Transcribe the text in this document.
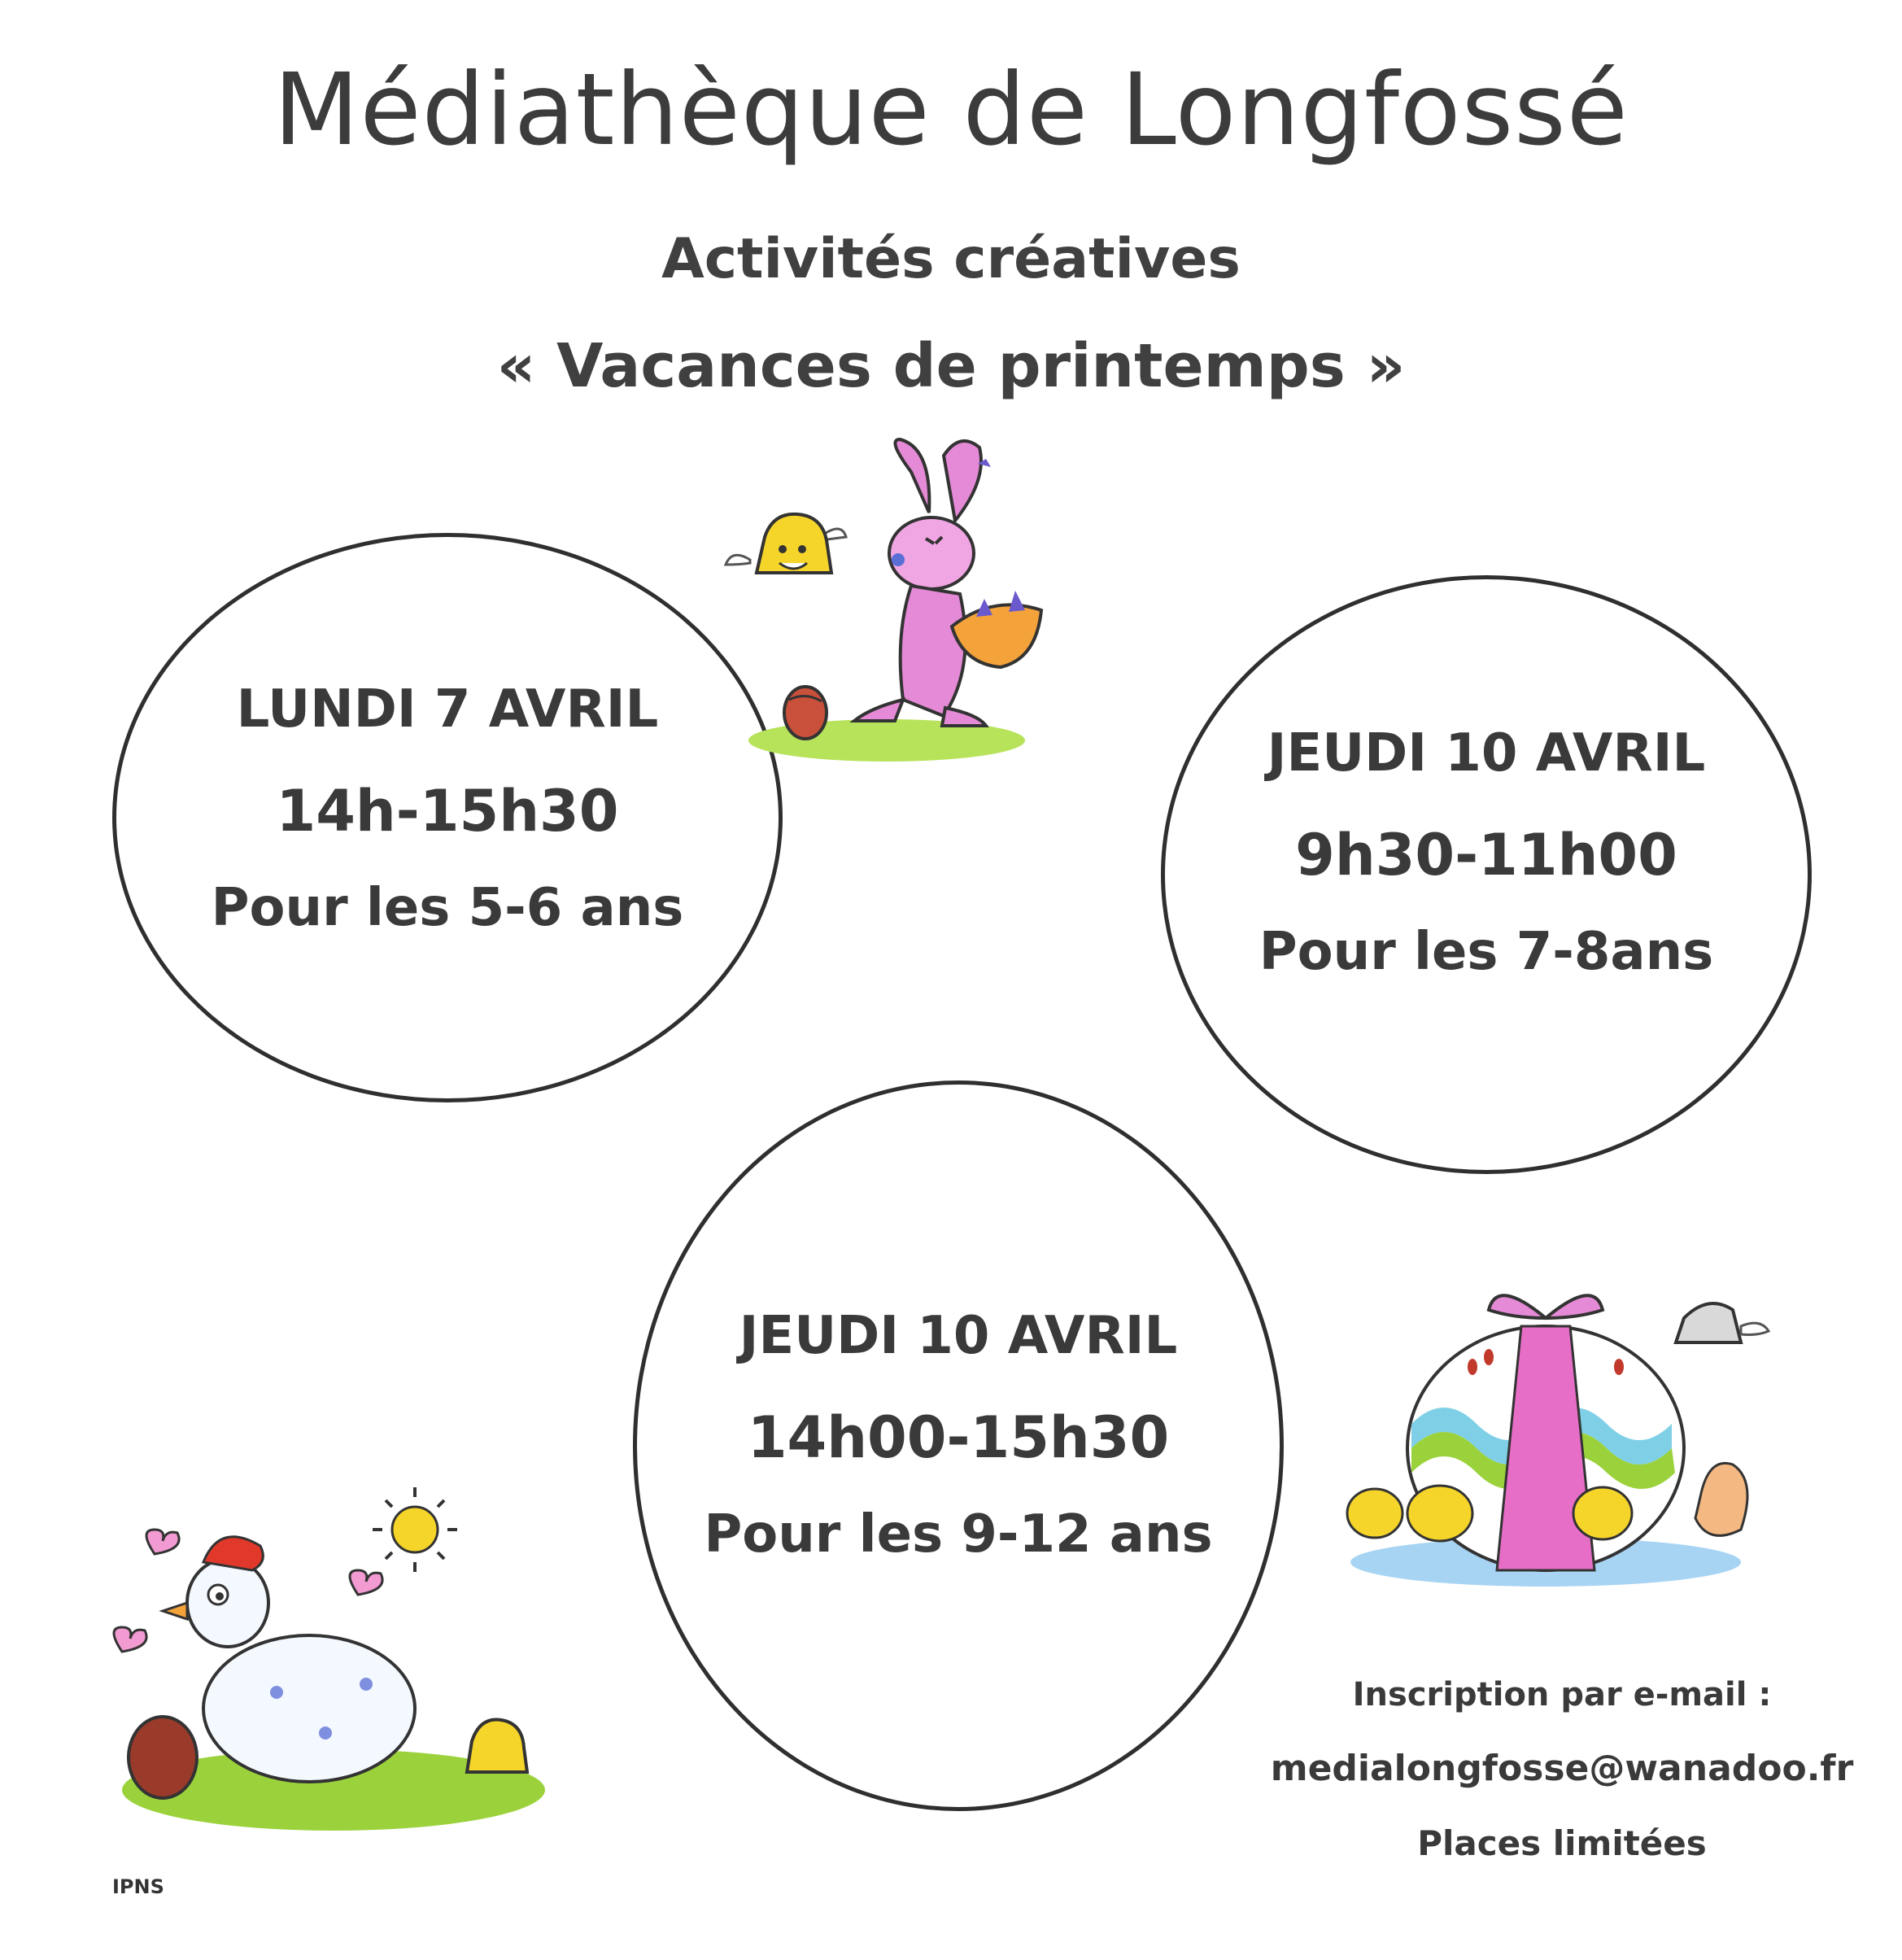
Médiathèque de Longfossé
Activités créatives
« Vacances de printemps »
LUNDI 7 AVRIL
14h-15h30
Pour les 5-6 ans
JEUDI 10 AVRIL
9h30-11h00
Pour les 7-8ans
JEUDI 10 AVRIL
14h00-15h30
Pour les 9-12 ans
Inscription par e-mail :
medialongfosse@wanadoo.fr
Places limitées
IPNS
